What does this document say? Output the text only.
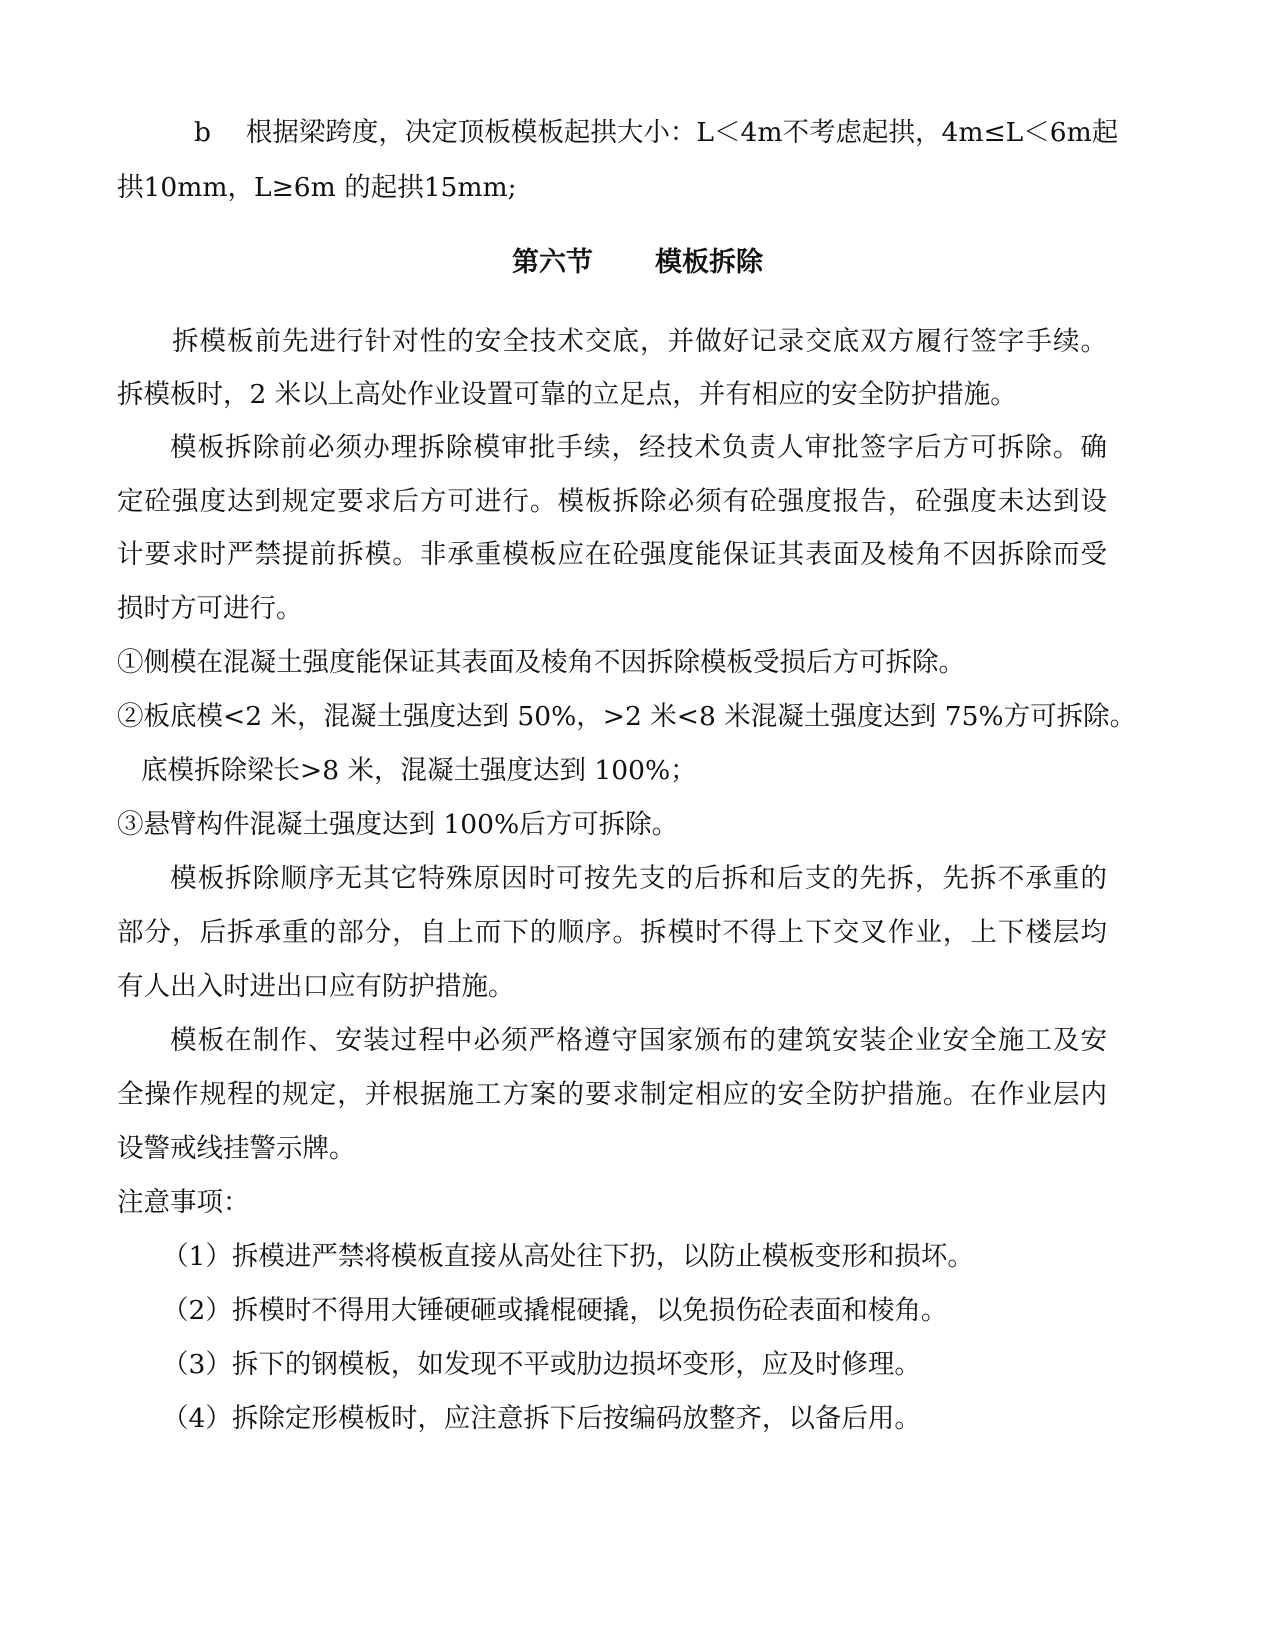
b　 根据梁跨度，决定顶板模板起拱大小：L＜4m不考虑起拱，4m≤L＜6m起
拱10mm，L≥6m 的起拱15mm;
第六节 模板拆除
拆模板前先进行针对性的安全技术交底，并做好记录交底双方履行签字手续。
拆模板时，2 米以上高处作业设置可靠的立足点，并有相应的安全防护措施。
模板拆除前必须办理拆除模审批手续，经技术负责人审批签字后方可拆除。确
定砼强度达到规定要求后方可进行。模板拆除必须有砼强度报告，砼强度未达到设
计要求时严禁提前拆模。非承重模板应在砼强度能保证其表面及棱角不因拆除而受
损时方可进行。
①侧模在混凝土强度能保证其表面及棱角不因拆除模板受损后方可拆除。
②板底模<2 米，混凝土强度达到 50%，>2 米<8 米混凝土强度达到 75%方可拆除。
底模拆除梁长>8 米，混凝土强度达到 100%；
③悬臂构件混凝土强度达到 100%后方可拆除。
模板拆除顺序无其它特殊原因时可按先支的后拆和后支的先拆，先拆不承重的
部分，后拆承重的部分，自上而下的顺序。拆模时不得上下交叉作业，上下楼层均
有人出入时进出口应有防护措施。
模板在制作、安装过程中必须严格遵守国家颁布的建筑安装企业安全施工及安
全操作规程的规定，并根据施工方案的要求制定相应的安全防护措施。在作业层内
设警戒线挂警示牌。
注意事项：
（1）拆模进严禁将模板直接从高处往下扔，以防止模板变形和损坏。
（2）拆模时不得用大锤硬砸或撬棍硬撬，以免损伤砼表面和棱角。
（3）拆下的钢模板，如发现不平或肋边损坏变形，应及时修理。
（4）拆除定形模板时，应注意拆下后按编码放整齐，以备后用。
